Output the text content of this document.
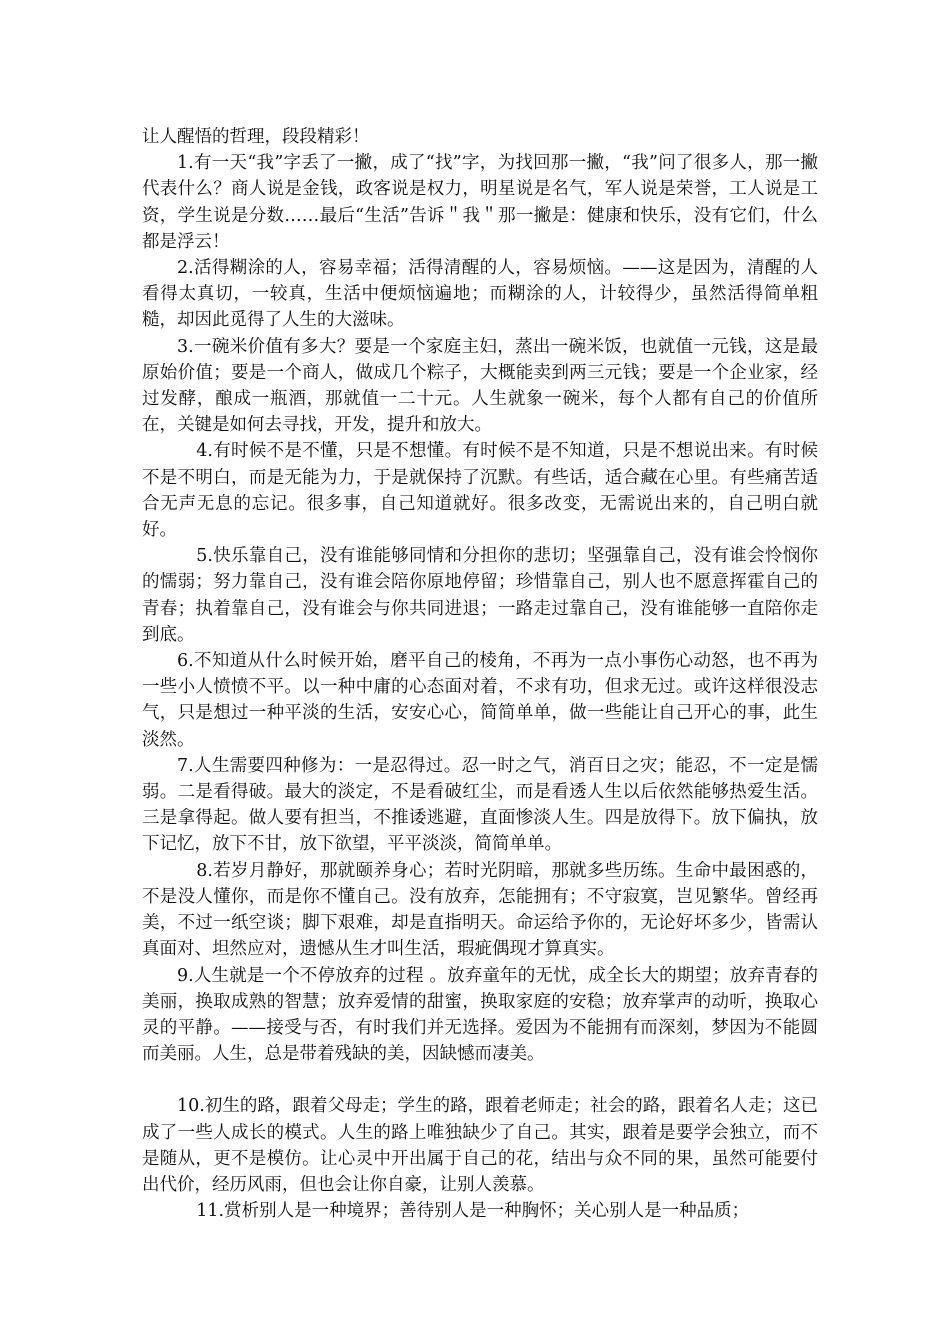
让人醒悟的哲理，段段精彩！

1.有一天“我”字丢了一撇，成了“找”字，为找回那一撇，“我”问了很多人，那一撇代表什么？商人说是金钱，政客说是权力，明星说是名气，军人说是荣誉，工人说是工资，学生说是分数……最后“生活”告诉＂我＂那一撇是：健康和快乐，没有它们，什么都是浮云！

2.活得糊涂的人，容易幸福；活得清醒的人，容易烦恼。——这是因为，清醒的人看得太真切，一较真，生活中便烦恼遍地；而糊涂的人，计较得少，虽然活得简单粗糙，却因此觅得了人生的大滋味。

3.一碗米价值有多大？要是一个家庭主妇，蒸出一碗米饭，也就值一元钱，这是最原始价值；要是一个商人，做成几个粽子，大概能卖到两三元钱；要是一个企业家，经过发酵，酿成一瓶酒，那就值一二十元。人生就象一碗米，每个人都有自己的价值所在，关键是如何去寻找，开发，提升和放大。

4.有时候不是不懂，只是不想懂。有时候不是不知道，只是不想说出来。有时候不是不明白，而是无能为力，于是就保持了沉默。有些话，适合藏在心里。有些痛苦适合无声无息的忘记。很多事，自己知道就好。很多改变，无需说出来的，自己明白就好。

5.快乐靠自己，没有谁能够同情和分担你的悲切；坚强靠自己，没有谁会怜悯你的懦弱；努力靠自己，没有谁会陪你原地停留；珍惜靠自己，别人也不愿意挥霍自己的青春；执着靠自己，没有谁会与你共同进退；一路走过靠自己，没有谁能够一直陪你走到底。

6.不知道从什么时候开始，磨平自己的棱角，不再为一点小事伤心动怒，也不再为一些小人愤愤不平。以一种中庸的心态面对着，不求有功，但求无过。或许这样很没志气，只是想过一种平淡的生活，安安心心，简简单单，做一些能让自己开心的事，此生淡然。

7.人生需要四种修为：一是忍得过。忍一时之气，消百日之灾；能忍，不一定是懦弱。二是看得破。最大的淡定，不是看破红尘，而是看透人生以后依然能够热爱生活。三是拿得起。做人要有担当，不推诿逃避，直面惨淡人生。四是放得下。放下偏执，放下记忆，放下不甘，放下欲望，平平淡淡，简简单单。

8.若岁月静好，那就颐养身心；若时光阴暗，那就多些历练。生命中最困惑的，不是没人懂你，而是你不懂自己。没有放弃，怎能拥有；不守寂寞，岂见繁华。曾经再美，不过一纸空谈；脚下艰难，却是直指明天。命运给予你的，无论好坏多少，皆需认真面对、坦然应对，遗憾从生才叫生活，瑕疵偶现才算真实。

9.人生就是一个不停放弃的过程 。放弃童年的无忧，成全长大的期望；放弃青春的美丽，换取成熟的智慧；放弃爱情的甜蜜，换取家庭的安稳；放弃掌声的动听，换取心灵的平静。——接受与否，有时我们并无选择。爱因为不能拥有而深刻，梦因为不能圆而美丽。人生，总是带着残缺的美，因缺憾而凄美。

10.初生的路，跟着父母走；学生的路，跟着老师走；社会的路，跟着名人走；这已成了一些人成长的模式。人生的路上唯独缺少了自己。其实，跟着是要学会独立，而不是随从，更不是模仿。让心灵中开出属于自己的花，结出与众不同的果，虽然可能要付出代价，经历风雨，但也会让你自豪，让别人羡慕。

11.赏析别人是一种境界；善待别人是一种胸怀；关心别人是一种品质；
